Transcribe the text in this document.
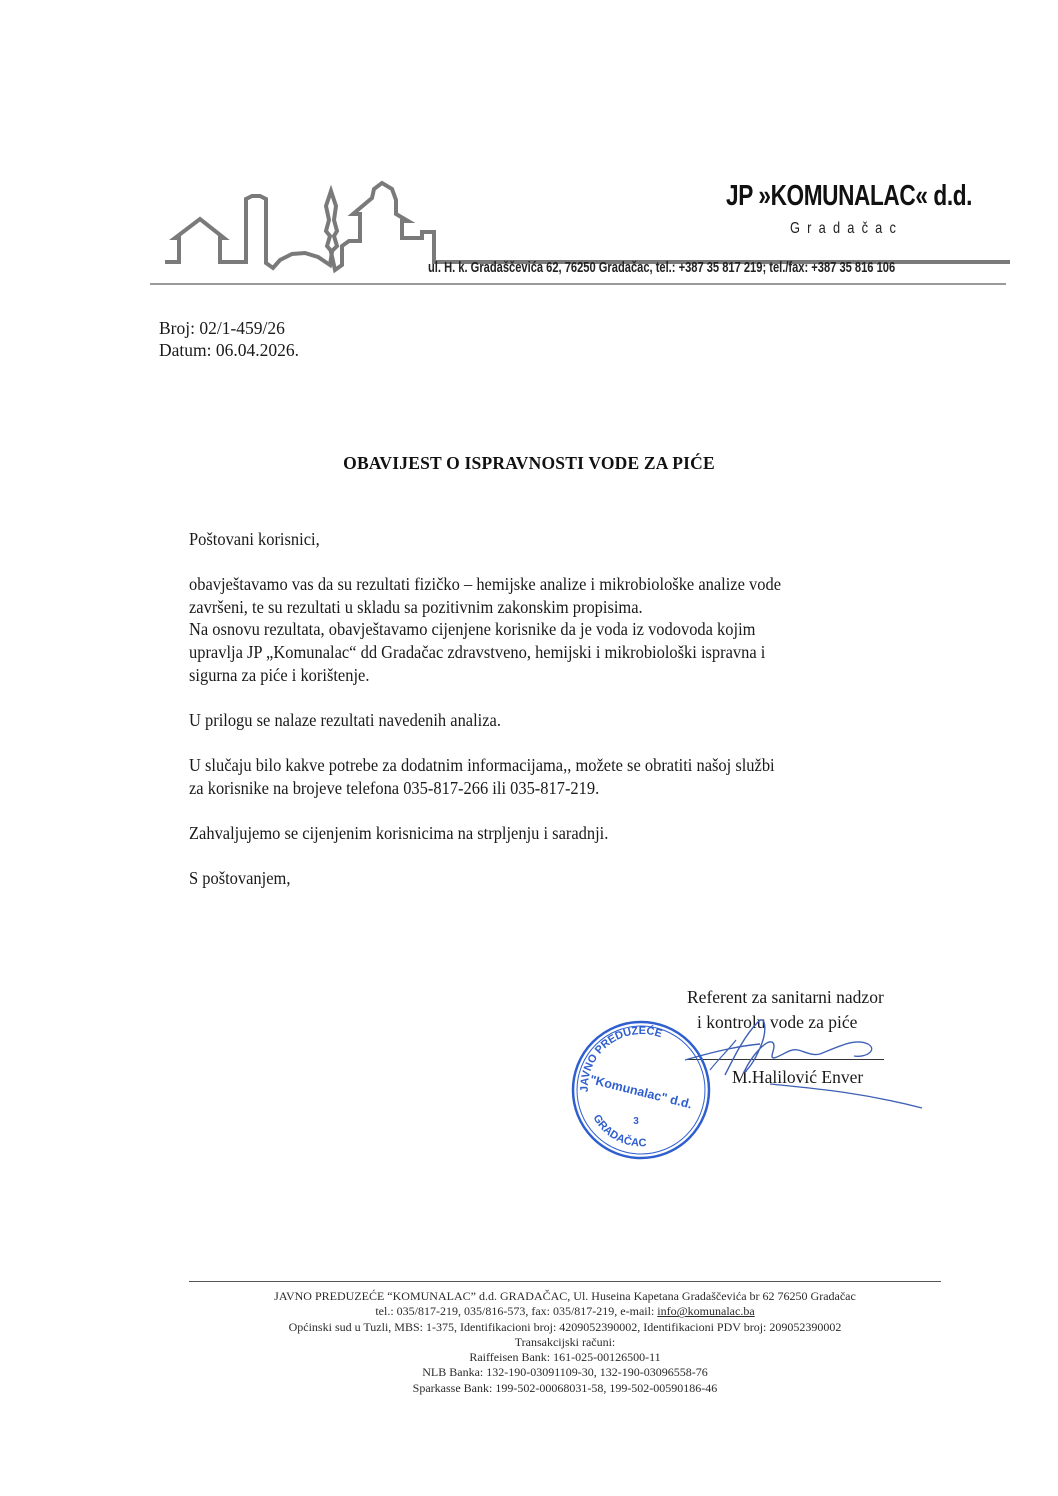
JP »KOMUNALAC« d.d.
Gradačac
ul. H. k. Gradaščevića 62, 76250 Gradačac, tel.: +387 35 817 219; tel./fax: +387 35 816 106
Broj: 02/1-459/26
Datum: 06.04.2026.
OBAVIJEST O ISPRAVNOSTI VODE ZA PIĆE

Poštovani korisnici,

obavještavamo vas da su rezultati fizičko – hemijske analize i mikrobiološke analize vode

završeni, te su rezultati u skladu sa pozitivnim zakonskim propisima.

Na osnovu rezultata, obavještavamo cijenjene korisnike da je voda iz vodovoda kojim

upravlja JP „Komunalac“ dd Gradačac zdravstveno, hemijski i mikrobiološki ispravna i

sigurna za piće i korištenje.

U prilogu se nalaze rezultati navedenih analiza.

U slučaju bilo kakve potrebe za dodatnim informacijama,, možete se obratiti našoj službi

za korisnike na brojeve telefona 035-817-266 ili 035-817-219.

Zahvaljujemo se cijenjenim korisnicima na strpljenju i saradnji.

S poštovanjem,

Referent za sanitarni nadzor
i kontrolu vode za piće
M.Halilović Enver
JAVNO PREDUZEĆE
"Komunalac" d.d.
3
GRADAČAC
JAVNO PREDUZEĆE “KOMUNALAC” d.d. GRADAČAC, Ul. Huseina Kapetana Gradaščevića br 62 76250 Gradačac
tel.: 035/817-219, 035/816-573, fax: 035/817-219, e-mail: info@komunalac.ba
Općinski sud u Tuzli, MBS: 1-375, Identifikacioni broj: 4209052390002, Identifikacioni PDV broj: 209052390002
Transakcijski računi:
Raiffeisen Bank: 161-025-00126500-11
NLB Banka: 132-190-03091109-30, 132-190-03096558-76
Sparkasse Bank: 199-502-00068031-58, 199-502-00590186-46
